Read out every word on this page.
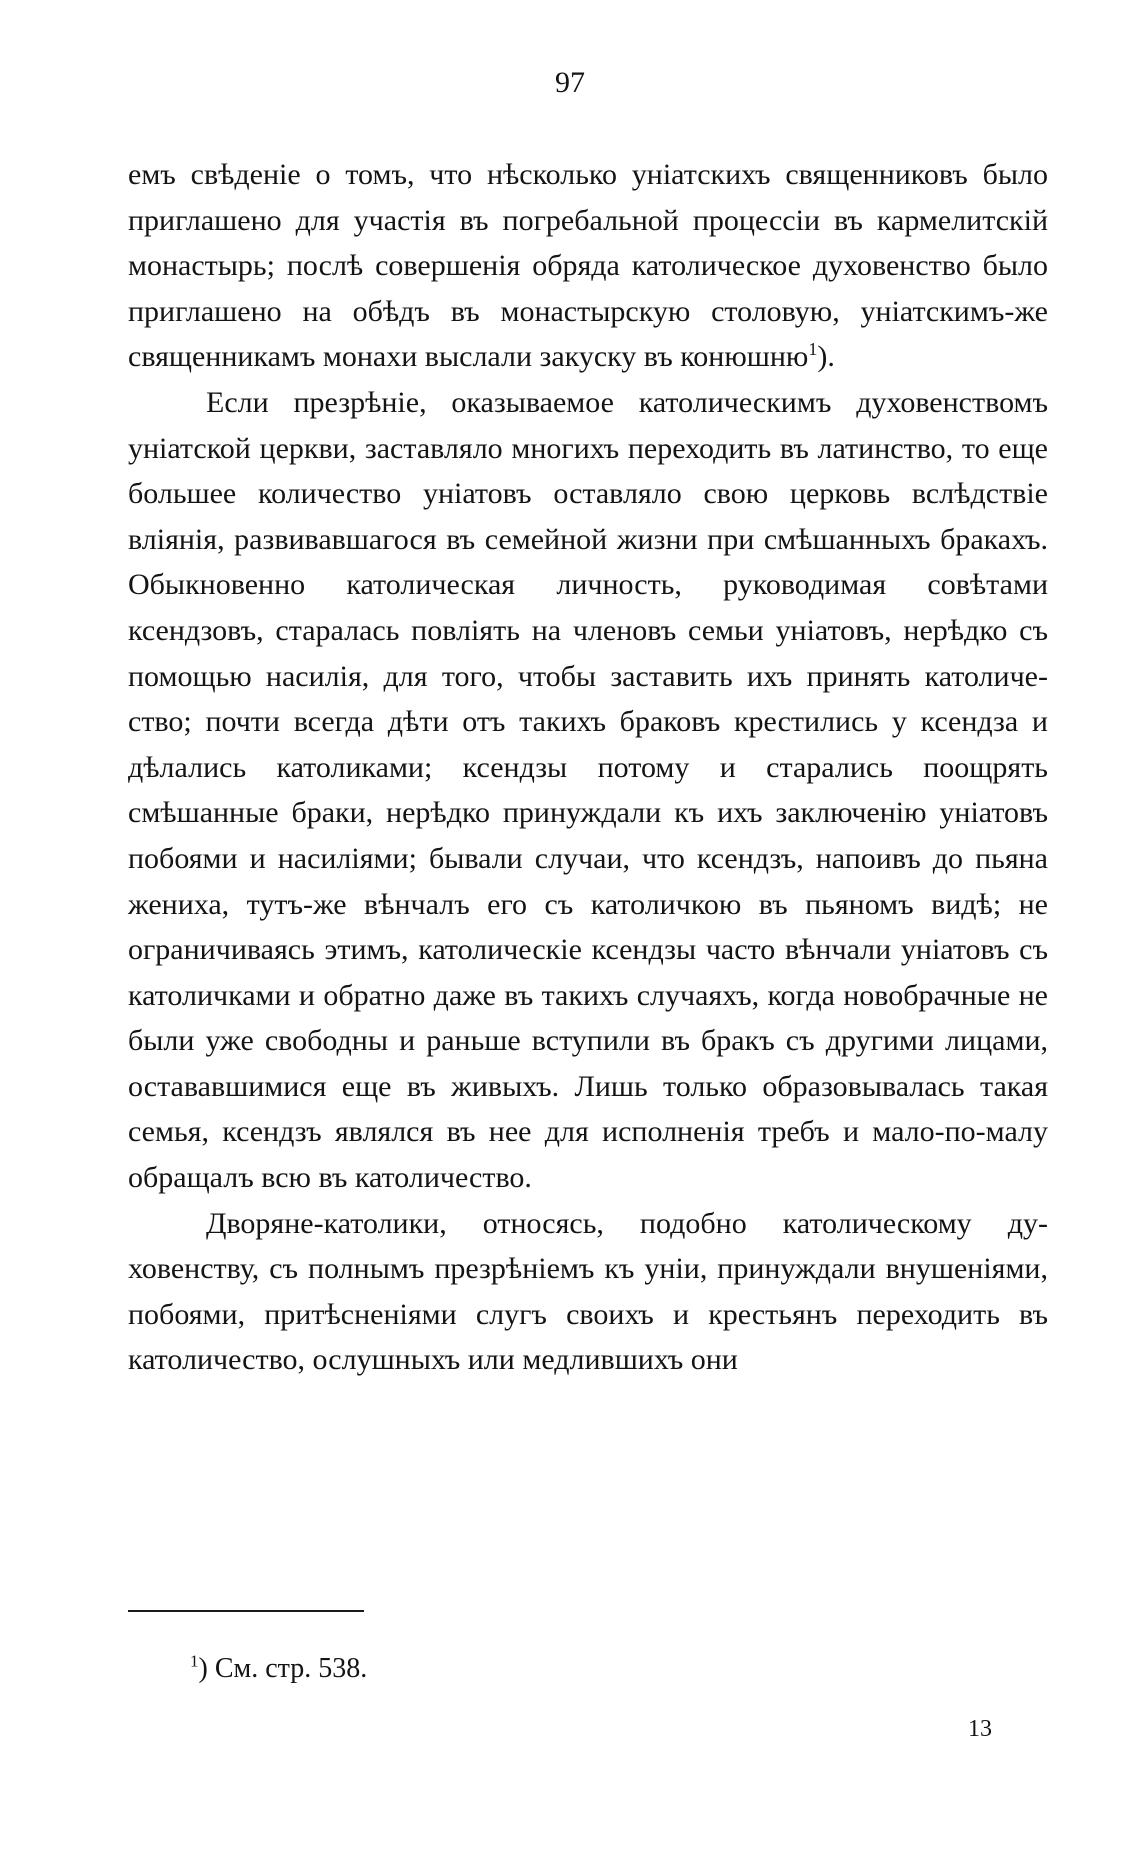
97

емъ свѣденіе о томъ, что нѣсколько уніатскихъ священниковъ было приглашено для участія въ погребальной процессіи въ кармелитскій монастырь; послѣ совершенія обряда католическое духовенство было приглашено на обѣдъ въ монастырскую столовую, уніатскимъ-же священникамъ монахи выслали закуску въ конюшню$^1$).

Если презрѣніе, оказываемое католическимъ духовенствомъ уніатской церкви, заставляло многихъ переходить въ латинство, то еще большее количество уніатовъ оставляло свою церковь вслѣдствіе вліянія, развивавшагося въ семейной жизни при смѣшанныхъ бракахъ. Обыкновенно католическая личность, руководимая совѣтами ксендзовъ, старалась повліять на членовъ семьи уніатовъ, нерѣдко съ помощью насилія, для того, чтобы заставить ихъ принять католичество; почти всегда дѣти отъ такихъ браковъ крестились у ксендза и дѣлались католиками; ксендзы потому и старались поощрять смѣшанные браки, нерѣдко принуждали къ ихъ заключенію уніатовъ побоями и насиліями; бывали случаи, что ксендзъ, напоивъ до пьяна жениха, тутъ-же вѣнчалъ его съ католичкою въ пьяномъ видѣ; не ограничиваясь этимъ, католическіе ксендзы часто вѣнчали уніатовъ съ католичками и обратно даже въ такихъ случаяхъ, когда новобрачные не были уже свободны и раньше вступили въ бракъ съ другими лицами, остававшимися еще въ живыхъ. Лишь только образовывалась такая семья, ксендзъ являлся въ нее для исполненія требъ и мало-по-малу обращалъ всю въ католичество.

Дворяне-католики, относясь, подобно католическому духовенству, съ полнымъ презрѣніемъ къ уніи, принуждали внушеніями, побоями, притѣсненіями слугъ своихъ и крестьянъ переходить въ католичество, ослушныхъ или медлившихъ они

$^1$) См. стр. 538.
13
